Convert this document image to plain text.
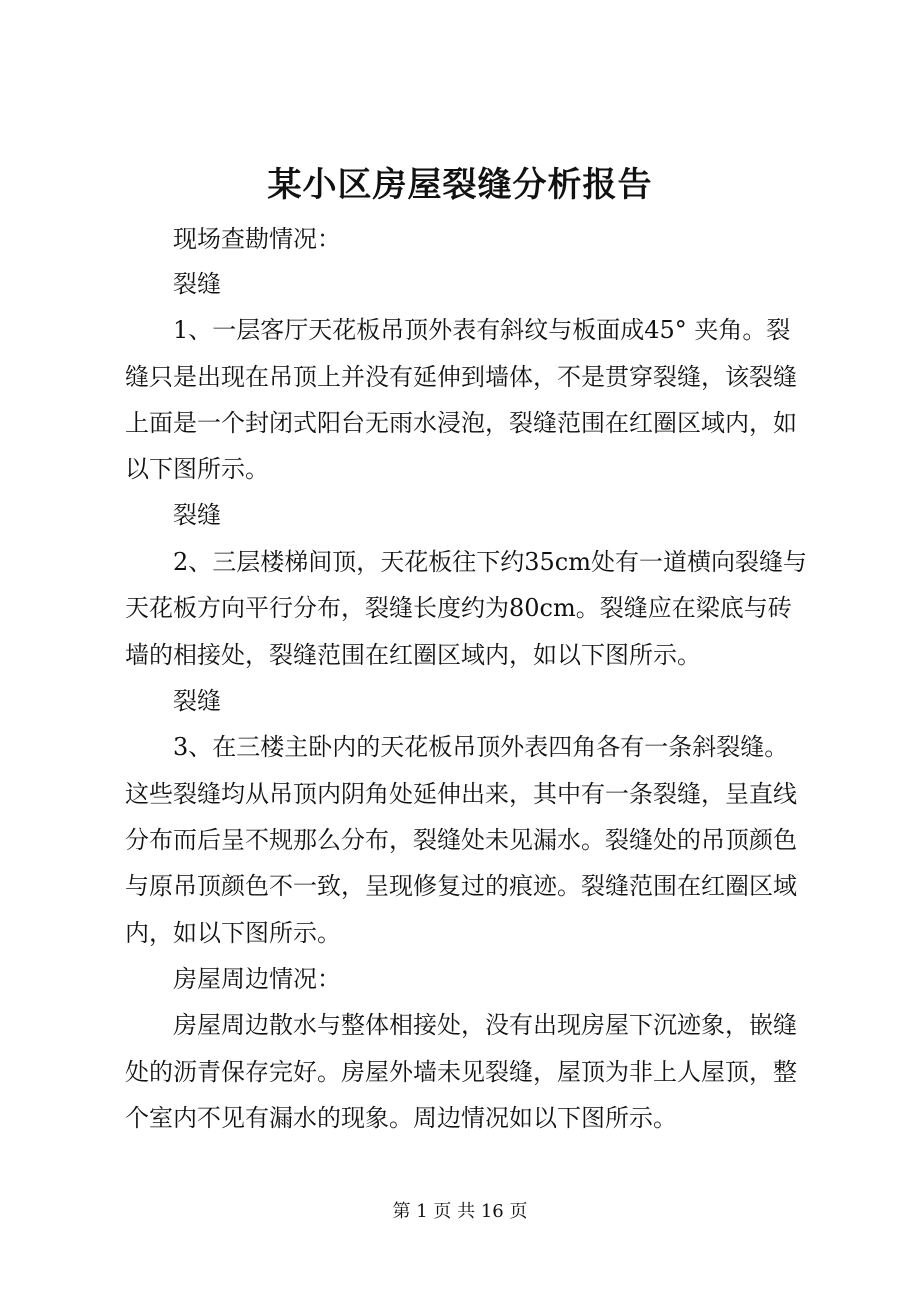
某小区房屋裂缝分析报告
现场查勘情况：
裂缝
1、一层客厅天花板吊顶外表有斜纹与板面成45° 夹角。裂
缝只是出现在吊顶上并没有延伸到墙体，不是贯穿裂缝，该裂缝
上面是一个封闭式阳台无雨水浸泡，裂缝范围在红圈区域内，如
以下图所示。
裂缝
2、三层楼梯间顶，天花板往下约35cm处有一道横向裂缝与
天花板方向平行分布，裂缝长度约为80cm。裂缝应在梁底与砖
墙的相接处，裂缝范围在红圈区域内，如以下图所示。
裂缝
3、在三楼主卧内的天花板吊顶外表四角各有一条斜裂缝。
这些裂缝均从吊顶内阴角处延伸出来，其中有一条裂缝，呈直线
分布而后呈不规那么分布，裂缝处未见漏水。裂缝处的吊顶颜色
与原吊顶颜色不一致，呈现修复过的痕迹。裂缝范围在红圈区域
内，如以下图所示。
房屋周边情况：
房屋周边散水与整体相接处，没有出现房屋下沉迹象，嵌缝
处的沥青保存完好。房屋外墙未见裂缝，屋顶为非上人屋顶，整
个室内不见有漏水的现象。周边情况如以下图所示。
第 1 页 共 16 页
